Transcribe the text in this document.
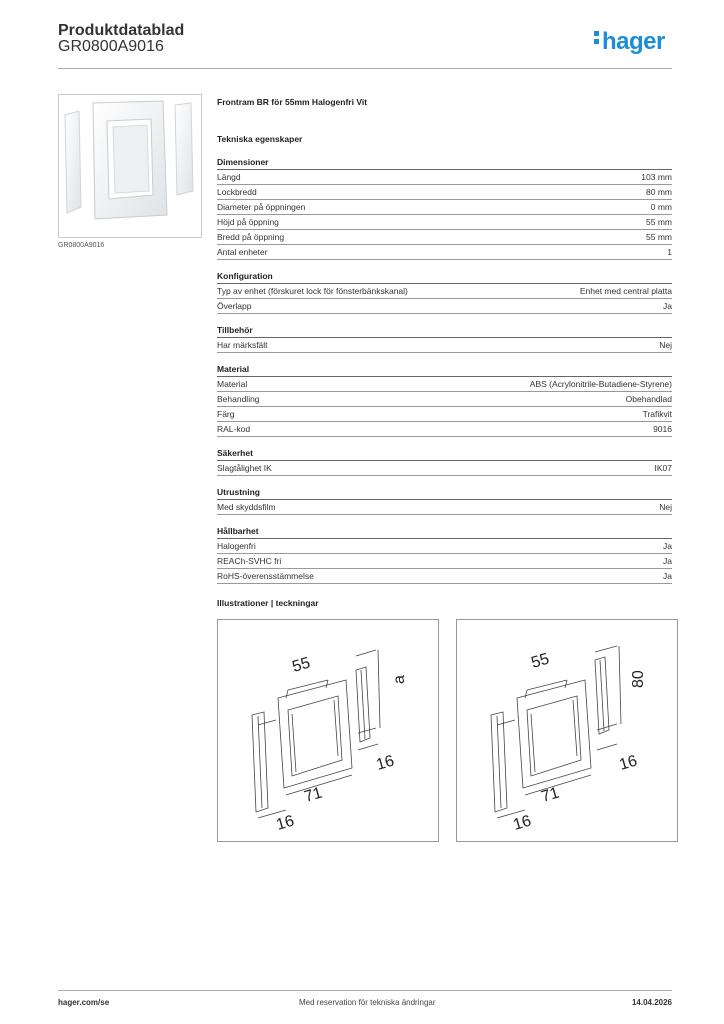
Produktdatablad
GR0800A9016	hager
GR0800A9016
Frontram BR för 55mm Halogenfri Vit
Tekniska egenskaper
Dimensioner
Längd	103 mm
Lockbredd	80 mm
Diameter på öppningen	0 mm
Höjd på öppning	55 mm
Bredd på öppning	55 mm
Antal enheter	1
Konfiguration
Typ av enhet (förskuret lock för fönsterbänkskanal)	Enhet med central platta
Överlapp	Ja
Tillbehör
Har märksfält	Nej
Material
Material	ABS (Acrylonitrile-Butadiene-Styrene)
Behandling	Obehandlad
Färg	Trafikvit
RAL-kod	9016
Säkerhet
Slagtålighet IK	IK07
Utrustning
Med skyddsfilm	Nej
Hållbarhet
Halogenfri	Ja
REACh-SVHC fri	Ja
RoHS-överensstämmelse	Ja
Illustrationer | teckningar
55
a
16
71
16
55
80
16
71
16
hager.com/se	Med reservation för tekniska ändringar	14.04.2026
